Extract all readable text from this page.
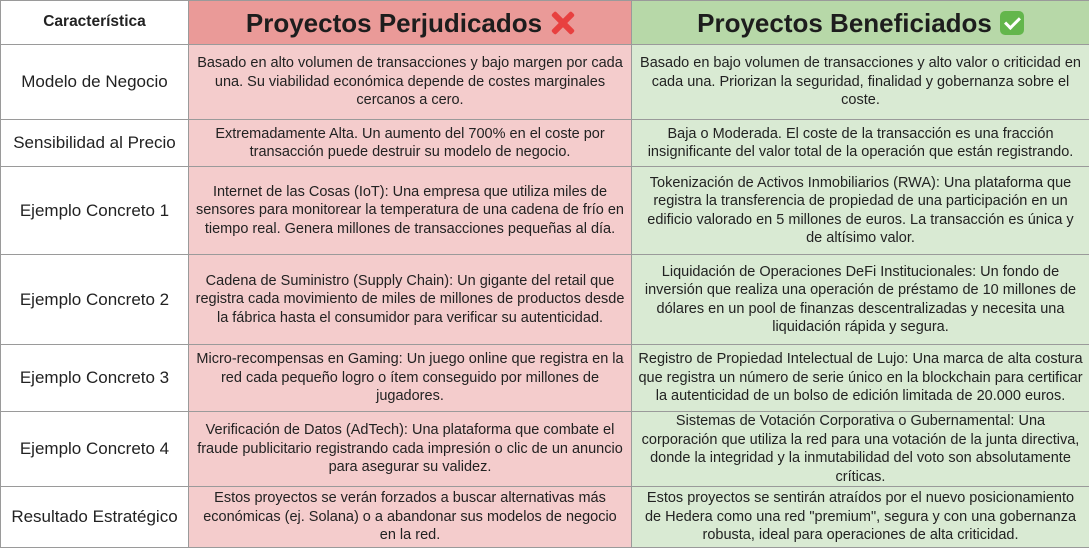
Característica	Proyectos Perjudicados	Proyectos Beneficiados
Modelo de Negocio	Basado en alto volumen de transacciones y bajo margen por cada una. Su viabilidad económica depende de costes marginales cercanos a cero.	Basado en bajo volumen de transacciones y alto valor o criticidad en cada una. Priorizan la seguridad, finalidad y gobernanza sobre el coste.
Sensibilidad al Precio	Extremadamente Alta. Un aumento del 700% en el coste por transacción puede destruir su modelo de negocio.	Baja o Moderada. El coste de la transacción es una fracción insignificante del valor total de la operación que están registrando.
Ejemplo Concreto 1	Internet de las Cosas (IoT): Una empresa que utiliza miles de sensores para monitorear la temperatura de una cadena de frío en tiempo real. Genera millones de transacciones pequeñas al día.	Tokenización de Activos Inmobiliarios (RWA): Una plataforma que registra la transferencia de propiedad de una participación en un edificio valorado en 5 millones de euros. La transacción es única y de altísimo valor.
Ejemplo Concreto 2	Cadena de Suministro (Supply Chain): Un gigante del retail que registra cada movimiento de miles de millones de productos desde la fábrica hasta el consumidor para verificar su autenticidad.	Liquidación de Operaciones DeFi Institucionales: Un fondo de inversión que realiza una operación de préstamo de 10 millones de dólares en un pool de finanzas descentralizadas y necesita una liquidación rápida y segura.
Ejemplo Concreto 3	Micro-recompensas en Gaming: Un juego online que registra en la red cada pequeño logro o ítem conseguido por millones de jugadores.	Registro de Propiedad Intelectual de Lujo: Una marca de alta costura que registra un número de serie único en la blockchain para certificar la autenticidad de un bolso de edición limitada de 20.000 euros.
Ejemplo Concreto 4	Verificación de Datos (AdTech): Una plataforma que combate el fraude publicitario registrando cada impresión o clic de un anuncio para asegurar su validez.	Sistemas de Votación Corporativa o Gubernamental: Una corporación que utiliza la red para una votación de la junta directiva, donde la integridad y la inmutabilidad del voto son absolutamente críticas.
Resultado Estratégico	Estos proyectos se verán forzados a buscar alternativas más económicas (ej. Solana) o a abandonar sus modelos de negocio en la red.	Estos proyectos se sentirán atraídos por el nuevo posicionamiento de Hedera como una red "premium", segura y con una gobernanza robusta, ideal para operaciones de alta criticidad.
